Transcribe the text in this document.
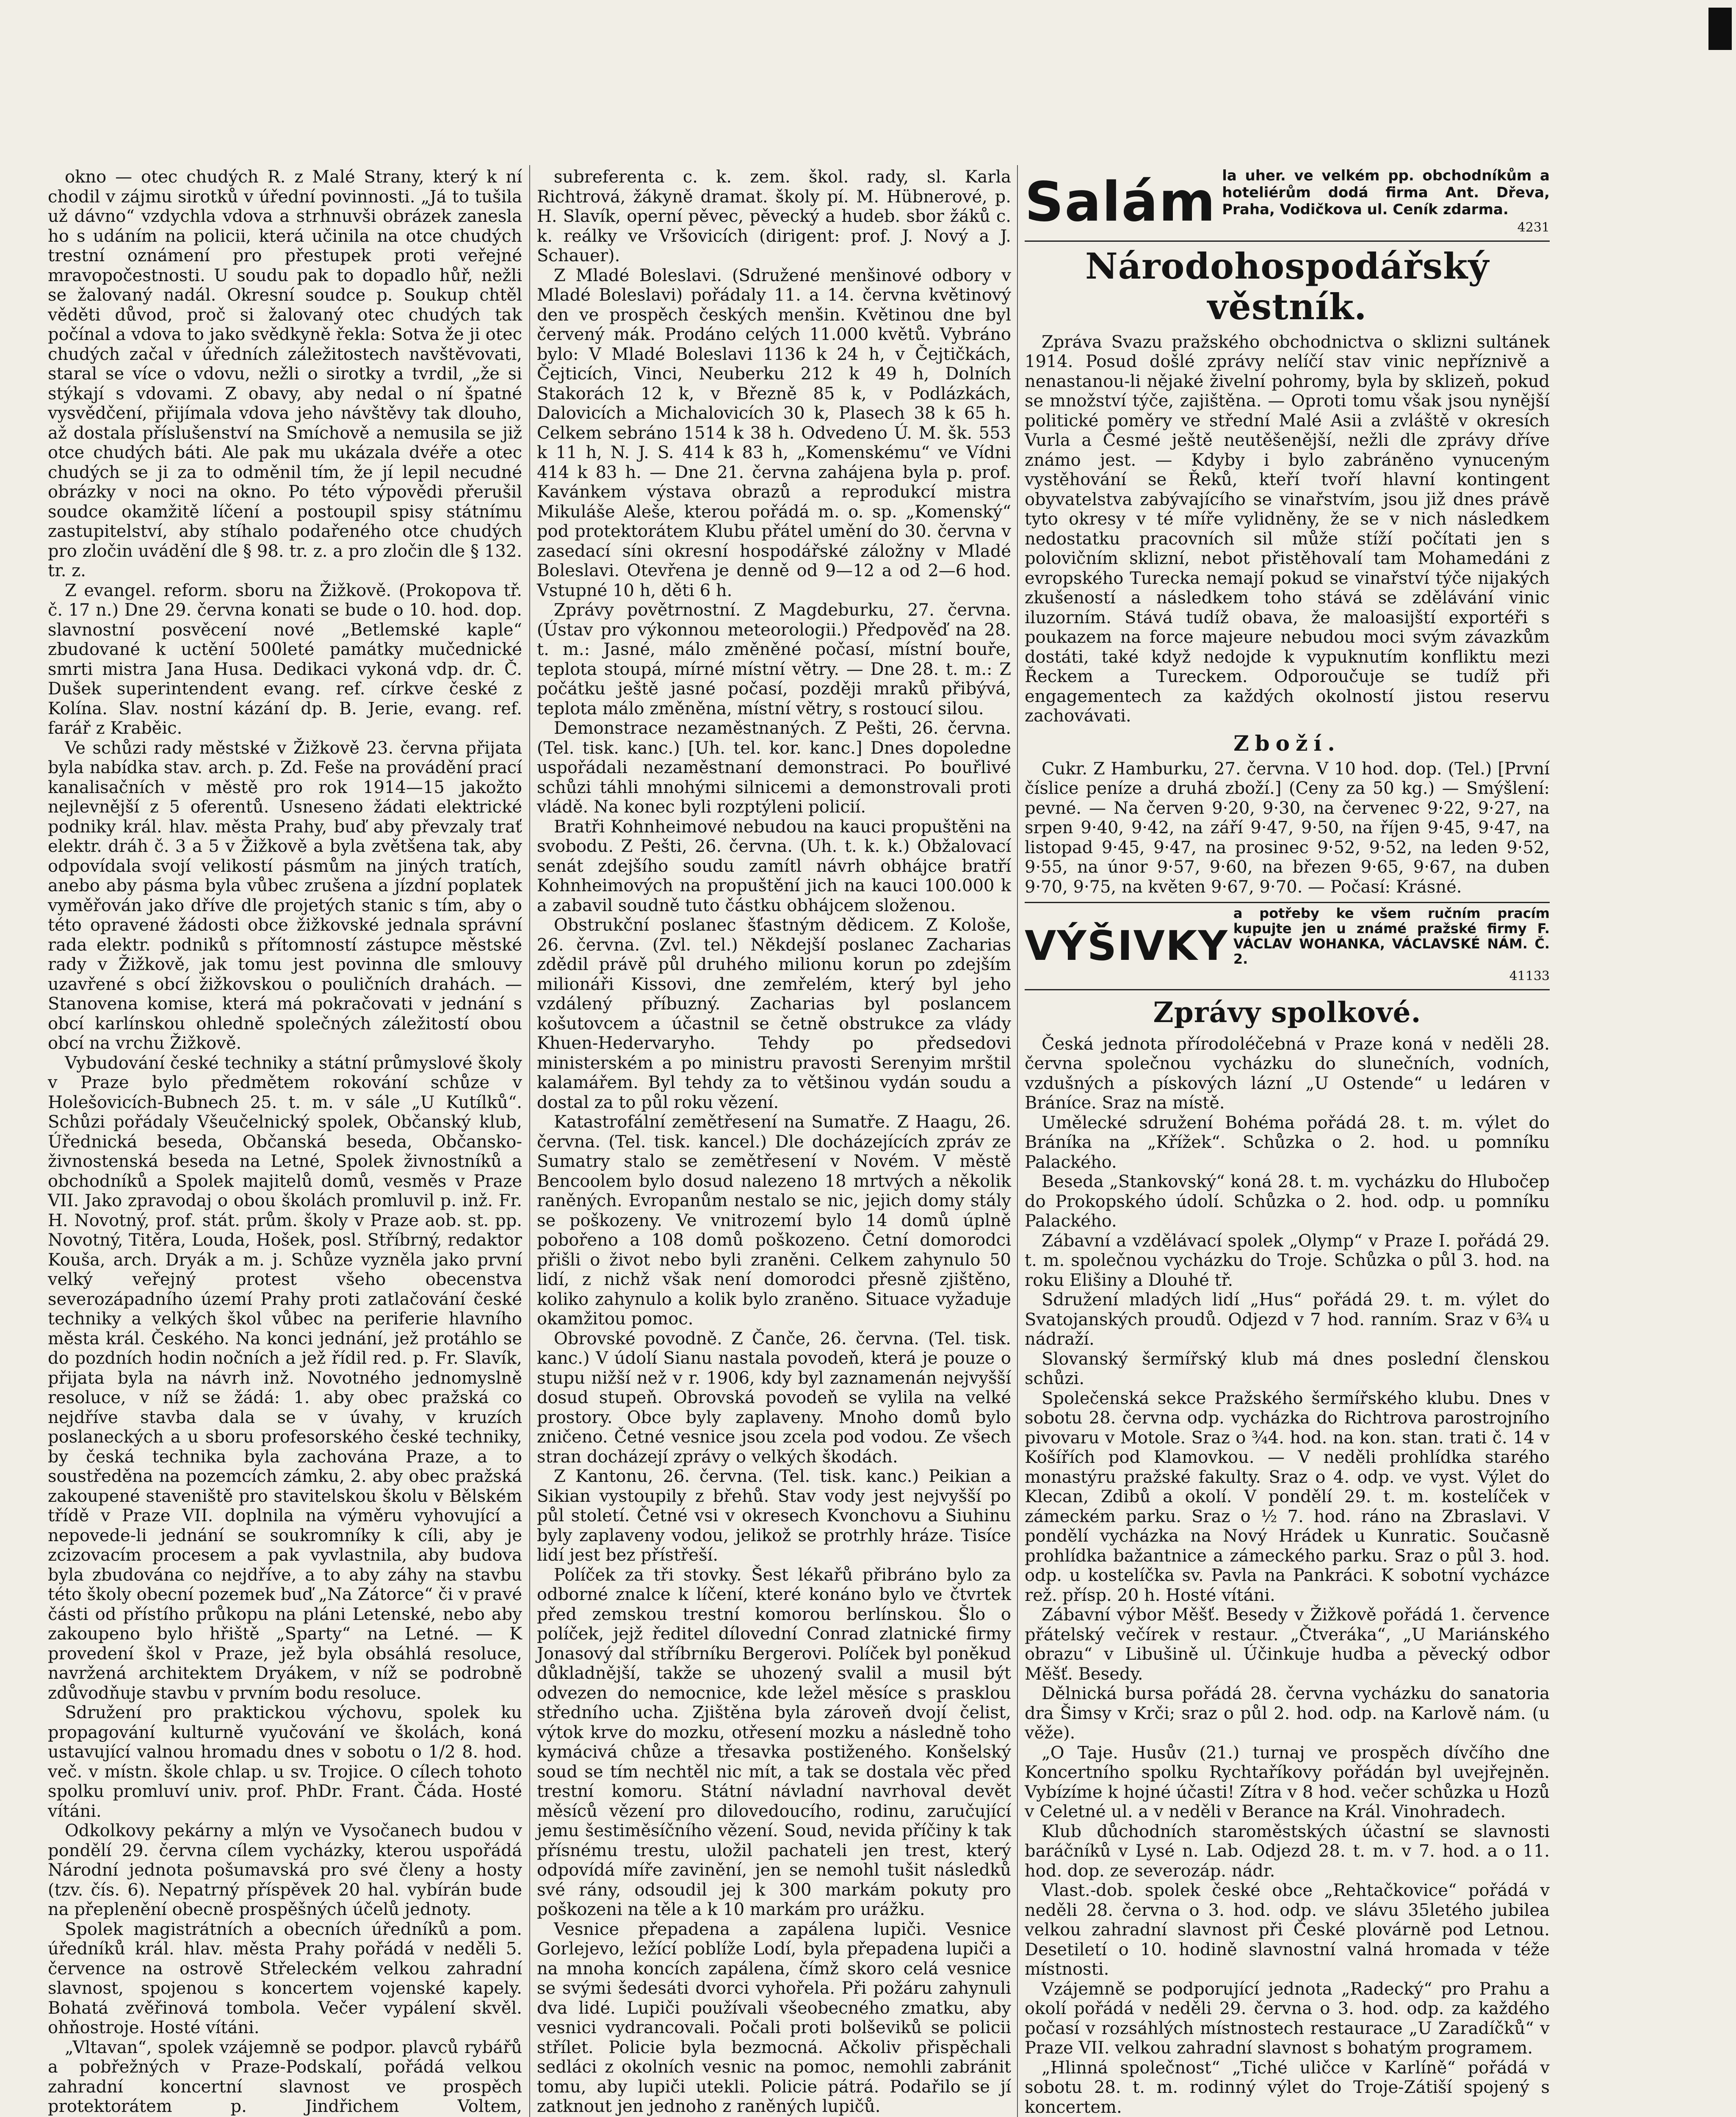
okno — otec chudých R. z Malé Strany, který k ní chodil v zájmu sirotků v úřední povinnosti. „Já to tušila už dávno“ vzdychla vdova a strhnuvši obrázek zanesla ho s udáním na policii, která učinila na otce chudých trestní oznámení pro přestupek proti veřejné mravopočestnosti. U soudu pak to dopadlo hůř, nežli se žalovaný nadál. Okresní soudce p. Soukup chtěl věděti důvod, proč si žalovaný otec chudých tak počínal a vdova to jako svědkyně řekla: Sotva že ji otec chudých začal v úředních záležitostech navštěvovati, staral se více o vdovu, nežli o sirotky a tvrdil, „že si stýkají s vdovami. Z obavy, aby nedal o ní špatné vysvědčení, přijímala vdova jeho návštěvy tak dlouho, až dostala příslušenství na Smíchově a nemusila se již otce chudých báti. Ale pak mu ukázala dvéře a otec chudých se ji za to odměnil tím, že jí lepil necudné obrázky v noci na okno. Po této výpovědi přerušil soudce okamžitě líčení a postoupil spisy státnímu zastupitelství, aby stíhalo podařeného otce chudých pro zločin uvádění dle § 98. tr. z. a pro zločin dle § 132. tr. z.

Z evangel. reform. sboru na Žižkově. (Prokopova tř. č. 17 n.) Dne 29. června konati se bude o 10. hod. dop. slavnostní posvěcení nové „Betlemské kaple“ zbudované k uctění 500leté památky mučednické smrti mistra Jana Husa. Dedikaci vykoná vdp. dr. Č. Dušek superintendent evang. ref. církve české z Kolína. Slav. nostní kázání dp. B. Jerie, evang. ref. farář z Kraběic.

Ve schůzi rady městské v Žižkově 23. června přijata byla nabídka stav. arch. p. Zd. Feše na provádění prací kanalisačních v městě pro rok 1914—15 jakožto nejlevnější z 5 oferentů. Usneseno žádati elektrické podniky král. hlav. města Prahy, buď aby převzaly trať elektr. dráh č. 3 a 5 v Žižkově a byla zvětšena tak, aby odpovídala svojí velikostí pásmům na jiných tratích, anebo aby pásma byla vůbec zrušena a jízdní poplatek vyměřován jako dříve dle projetých stanic s tím, aby o této opravené žádosti obce žižkovské jednala správní rada elektr. podniků s přítomností zástupce městské rady v Žižkově, jak tomu jest povinna dle smlouvy uzavřené s obcí žižkovskou o pouličních drahách. — Stanovena komise, která má pokračovati v jednání s obcí karlínskou ohledně společných záležitostí obou obcí na vrchu Žižkově.

Vybudování české techniky a státní průmyslové školy v Praze bylo předmětem rokování schůze v Holešovicích-Bubnech 25. t. m. v sále „U Kutílků“. Schůzi pořádaly Všeučelnický spolek, Občanský klub, Úřednická beseda, Občanská beseda, Občansko-živnostenská beseda na Letné, Spolek živnostníků a obchodníků a Spolek majitelů domů, vesměs v Praze VII. Jako zpravodaj o obou školách promluvil p. inž. Fr. H. Novotný, prof. stát. prům. školy v Praze aob. st. pp. Novotný, Titěra, Louda, Hošek, posl. Stříbrný, redaktor Kouša, arch. Dryák a m. j. Schůze vyzněla jako první velký veřejný protest všeho obecenstva severozápadního území Prahy proti zatlačování české techniky a velkých škol vůbec na periferie hlavního města král. Českého. Na konci jednání, jež protáhlo se do pozdních hodin nočních a jež řídil red. p. Fr. Slavík, přijata byla na návrh inž. Novotného jednomyslně resoluce, v níž se žádá: 1. aby obec pražská co nejdříve stavba dala se v úvahy, v kruzích poslaneckých a u sboru profesorského české techniky, by česká technika byla zachována Praze, a to soustředěna na pozemcích zámku, 2. aby obec pražská zakoupené staveniště pro stavitelskou školu v Bělském třídě v Praze VII. doplnila na výměru vyhovující a nepovede-li jednání se soukromníky k cíli, aby je zcizovacím procesem a pak vyvlastnila, aby budova byla zbudována co nejdříve, a to aby záhy na stavbu této školy obecní pozemek buď „Na Zátorce“ či v pravé části od přístího průkopu na pláni Letenské, nebo aby zakoupeno bylo hřiště „Sparty“ na Letné. — K provedení škol v Praze, jež byla obsáhlá resoluce, navržená architektem Dryákem, v níž se podrobně zdůvodňuje stavbu v prvním bodu resoluce.

Sdružení pro praktickou výchovu, spolek ku propagování kulturně vyučování ve školách, koná ustavující valnou hromadu dnes v sobotu o 1/2 8. hod. več. v místn. škole chlap. u sv. Trojice. O cílech tohoto spolku promluví univ. prof. PhDr. Frant. Čáda. Hosté vítáni.

Odkolkovy pekárny a mlýn ve Vysočanech budou v pondělí 29. června cílem vycházky, kterou uspořádá Národní jednota pošumavská pro své členy a hosty (tzv. čís. 6). Nepatrný příspěvek 20 hal. vybírán bude na přeplenění obecně prospěšných účelů jednoty.

Spolek magistrátních a obecních úředníků a pom. úředníků král. hlav. města Prahy pořádá v neděli 5. července na ostrově Střeleckém velkou zahradní slavnost, spojenou s koncertem vojenské kapely. Bohatá zvěřinová tombola. Večer vypálení skvěl. ohňostroje. Hosté vítáni.

„Vltavan“, spolek vzájemně se podpor. plavců rybářů a pobřežných v Praze-Podskalí, pořádá velkou zahradní koncertní slavnost ve prospěch protektorátem p. Jindřichem Voltem,

subreferenta c. k. zem. škol. rady, sl. Karla Richtrová, žákyně dramat. školy pí. M. Hübnerové, p. H. Slavík, operní pěvec, pěvecký a hudeb. sbor žáků c. k. reálky ve Vršovicích (dirigent: prof. J. Nový a J. Schauer).

Z Mladé Boleslavi. (Sdružené menšinové odbory v Mladé Boleslavi) pořádaly 11. a 14. června květinový den ve prospěch českých menšin. Květinou dne byl červený mák. Prodáno celých 11.000 květů. Vybráno bylo: V Mladé Boleslavi 1136 k 24 h, v Čejtičkách, Čejticích, Vinci, Neuberku 212 k 49 h, Dolních Stakorách 12 k, v Březně 85 k, v Podlázkách, Dalovicích a Michalovicích 30 k, Plasech 38 k 65 h. Celkem sebráno 1514 k 38 h. Odvedeno Ú. M. šk. 553 k 11 h, N. J. S. 414 k 83 h, „Komenskému“ ve Vídni 414 k 83 h. — Dne 21. června zahájena byla p. prof. Kavánkem výstava obrazů a reprodukcí mistra Mikuláše Aleše, kterou pořádá m. o. sp. „Komenský“ pod protektorátem Klubu přátel umění do 30. června v zasedací síni okresní hospodářské záložny v Mladé Boleslavi. Otevřena je denně od 9—12 a od 2—6 hod. Vstupné 10 h, děti 6 h.

Zprávy povětrnostní. Z Magdeburku, 27. června. (Ústav pro výkonnou meteorologii.) Předpověď na 28. t. m.: Jasné, málo změněné počasí, místní bouře, teplota stoupá, mírné místní větry. — Dne 28. t. m.: Z počátku ještě jasné počasí, později mraků přibývá, teplota málo změněna, místní větry, s rostoucí silou.

Demonstrace nezaměstnaných. Z Pešti, 26. června. (Tel. tisk. kanc.) [Uh. tel. kor. kanc.] Dnes dopoledne uspořádali nezaměstnaní demonstraci. Po bouřlivé schůzi táhli mnohými silnicemi a demonstrovali proti vládě. Na konec byli rozptýleni policií.

Bratři Kohnheimové nebudou na kauci propuštěni na svobodu. Z Pešti, 26. června. (Uh. t. k. k.) Obžalovací senát zdejšího soudu zamítl návrh obhájce bratří Kohnheimových na propuštění jich na kauci 100.000 k a zabavil soudně tuto částku obhájcem složenou.

Obstrukční poslanec šťastným dědicem. Z Kološe, 26. června. (Zvl. tel.) Někdejší poslanec Zacharias zdědil právě půl druhého milionu korun po zdejším milionáři Kissovi, dne zemřelém, který byl jeho vzdálený příbuzný. Zacharias byl poslancem košutovcem a účastnil se četně obstrukce za vlády Khuen-Hedervaryho. Tehdy po předsedovi ministerském a po ministru pravosti Serenyim mrštil kalamářem. Byl tehdy za to většinou vydán soudu a dostal za to půl roku vězení.

Katastrofální zemětřesení na Sumatře. Z Haagu, 26. června. (Tel. tisk. kancel.) Dle docházejících zpráv ze Sumatry stalo se zemětřesení v Novém. V městě Bencoolem bylo dosud nalezeno 18 mrtvých a několik raněných. Evropanům nestalo se nic, jejich domy stály se poškozeny. Ve vnitrozemí bylo 14 domů úplně pobořeno a 108 domů poškozeno. Četní domorodci přišli o život nebo byli zraněni. Celkem zahynulo 50 lidí, z nichž však není domorodci přesně zjištěno, koliko zahynulo a kolik bylo zraněno. Situace vyžaduje okamžitou pomoc.

Obrovské povodně. Z Čanče, 26. června. (Tel. tisk. kanc.) V údolí Sianu nastala povodeň, která je pouze o stupu nižší než v r. 1906, kdy byl zaznamenán nejvyšší dosud stupeň. Obrovská povodeň se vylila na velké prostory. Obce byly zaplaveny. Mnoho domů bylo zničeno. Četné vesnice jsou zcela pod vodou. Ze všech stran docházejí zprávy o velkých škodách.

Z Kantonu, 26. června. (Tel. tisk. kanc.) Peikian a Sikian vystoupily z břehů. Stav vody jest nejvyšší po půl století. Četné vsi v okresech Kvonchovu a Siuhinu byly zaplaveny vodou, jelikož se protrhly hráze. Tisíce lidí jest bez přístřeší.

Políček za tři stovky. Šest lékařů přibráno bylo za odborné znalce k líčení, které konáno bylo ve čtvrtek před zemskou trestní komorou berlínskou. Šlo o políček, jejž ředitel dílovední Conrad zlatnické firmy Jonasový dal stříbrníku Bergerovi. Políček byl poněkud důkladnější, takže se uhozený svalil a musil být odvezen do nemocnice, kde ležel měsíce s prasklou středního ucha. Zjištěna byla zároveň dvojí čelist, výtok krve do mozku, otřesení mozku a následně toho kymácivá chůze a třesavka postiženého. Konšelský soud se tím nechtěl nic mít, a tak se dostala věc před trestní komoru. Státní návladní navrhoval devět měsíců vězení pro dilovedoucího, rodinu, zaručující jemu šestiměsíčního vězení. Soud, nevida příčiny k tak přísnému trestu, uložil pachateli jen trest, který odpovídá míře zavinění, jen se nemohl tušit následků své rány, odsoudil jej k 300 markám pokuty pro poškozeni na těle a k 10 markám pro urážku.

Vesnice přepadena a zapálena lupiči. Vesnice Gorlejevo, ležící poblíže Lodí, byla přepadena lupiči a na mnoha koncích zapálena, čímž skoro celá vesnice se svými šedesáti dvorci vyhořela. Při požáru zahynuli dva lidé. Lupiči používali všeobecného zmatku, aby vesnici vydrancovali. Počali proti bolševiků se policii střílet. Policie byla bezmocná. Ačkoliv přispěchali sedláci z okolních vesnic na pomoc, nemohli zabránit tomu, aby lupiči utekli. Policie pátrá. Podařilo se jí zatknout jen jednoho z raněných lupičů.

Salám la uher. ve velkém pp. obchodníkům a hoteliérům dodá firma Ant. Dřeva, Praha, Vodičkova ul. Ceník zdarma.
4231
Národohospodářský věstník.

Zpráva Svazu pražského obchodnictva o sklizni sultánek 1914. Posud došlé zprávy nelíčí stav vinic nepříznivě a nenastanou-li nějaké živelní pohromy, byla by sklizeň, pokud se množství týče, zajištěna. — Oproti tomu však jsou nynější politické poměry ve střední Malé Asii a zvláště v okresích Vurla a Česmé ještě neutěšenější, nežli dle zprávy dříve známo jest. — Kdyby i bylo zabráněno vynuceným vystěhování se Řeků, kteří tvoří hlavní kontingent obyvatelstva zabývajícího se vinařstvím, jsou již dnes právě tyto okresy v té míře vylidněny, že se v nich následkem nedostatku pracovních sil může stíží počítati jen s polovičním sklizní, nebot přistěhovalí tam Mohamedáni z evropského Turecka nemají pokud se vinařství týče nijakých zkušeností a následkem toho stává se zdělávání vinic iluzorním. Stává tudíž obava, že maloasijští exportéři s poukazem na force majeure nebudou moci svým závazkům dostáti, také když nedojde k vypuknutím konfliktu mezi Řeckem a Tureckem. Odporoučuje se tudíž při engagementech za každých okolností jistou reservu zachovávati.

Zboží.

Cukr. Z Hamburku, 27. června. V 10 hod. dop. (Tel.) [První číslice peníze a druhá zboží.] (Ceny za 50 kg.) — Smýšlení: pevné. — Na červen 9·20, 9·30, na červenec 9·22, 9·27, na srpen 9·40, 9·42, na září 9·47, 9·50, na říjen 9·45, 9·47, na listopad 9·45, 9·47, na prosinec 9·52, 9·52, na leden 9·52, 9·55, na únor 9·57, 9·60, na březen 9·65, 9·67, na duben 9·70, 9·75, na květen 9·67, 9·70. — Počasí: Krásné.

VÝŠIVKY
a potřeby ke všem ručním pracím kupujte jen u známé pražské firmy F. VÁCLAV WOHANKA, VÁCLAVSKÉ NÁM. Č. 2.
41133
Zprávy spolkové.

Česká jednota přírodoléčebná v Praze koná v neděli 28. června společnou vycházku do slunečních, vodních, vzdušných a pískových lázní „U Ostende“ u ledáren v Bráníce. Sraz na místě.

Umělecké sdružení Bohéma pořádá 28. t. m. výlet do Bráníka na „Křížek“. Schůzka o 2. hod. u pomníku Palackého.

Beseda „Stankovský“ koná 28. t. m. vycházku do Hlubočep do Prokopského údolí. Schůzka o 2. hod. odp. u pomníku Palackého.

Zábavní a vzdělávací spolek „Olymp“ v Praze I. pořádá 29. t. m. společnou vycházku do Troje. Schůzka o půl 3. hod. na roku Elišiny a Dlouhé tř.

Sdružení mladých lidí „Hus“ pořádá 29. t. m. výlet do Svatojanských proudů. Odjezd v 7 hod. ranním. Sraz v 6¾ u nádraží.

Slovanský šermířský klub má dnes poslední členskou schůzi.

Společenská sekce Pražského šermířského klubu. Dnes v sobotu 28. června odp. vycházka do Richtrova parostrojního pivovaru v Motole. Sraz o ¾4. hod. na kon. stan. trati č. 14 v Košířích pod Klamovkou. — V neděli prohlídka starého monastýru pražské fakulty. Sraz o 4. odp. ve vyst. Výlet do Klecan, Zdibů a okolí. V pondělí 29. t. m. kostelíček v zámeckém parku. Sraz o ½ 7. hod. ráno na Zbraslavi. V pondělí vycházka na Nový Hrádek u Kunratic. Současně prohlídka bažantnice a zámeckého parku. Sraz o půl 3. hod. odp. u kostelíčka sv. Pavla na Pankráci. K sobotní vycházce rež. přísp. 20 h. Hosté vítáni.

Zábavní výbor Měšť. Besedy v Žižkově pořádá 1. července přátelský večírek v restaur. „Čtveráka“, „U Mariánského obrazu“ v Libušině ul. Účinkuje hudba a pěvecký odbor Měšť. Besedy.

Dělnická bursa pořádá 28. června vycházku do sanatoria dra Šimsy v Krči; sraz o půl 2. hod. odp. na Karlově nám. (u věže).

„O Taje. Husův (21.) turnaj ve prospěch dívčího dne Koncertního spolku Rychtaříkovy pořádán byl uvejřejněn. Vybízíme k hojné účasti! Zítra v 8 hod. večer schůzka u Hozů v Celetné ul. a v neděli v Berance na Král. Vinohradech.

Klub důchodních staroměstských účastní se slavnosti baráčníků v Lysé n. Lab. Odjezd 28. t. m. v 7. hod. a o 11. hod. dop. ze severozáp. nádr.

Vlast.-dob. spolek české obce „Rehtačkovice“ pořádá v neděli 28. června o 3. hod. odp. ve slávu 35letého jubilea velkou zahradní slavnost při České plovárně pod Letnou. Desetiletí o 10. hodině slavnostní valná hromada v téže místnosti.

Vzájemně se podporující jednota „Radecký“ pro Prahu a okolí pořádá v neděli 29. června o 3. hod. odp. za každého počasí v rozsáhlých místnostech restaurace „U Zaradíčků“ v Praze VII. velkou zahradní slavnost s bohatým programem.

„Hlinná společnost“ „Tiché uličce v Karlíně“ pořádá v sobotu 28. t. m. rodinný výlet do Troje-Zátiší spojený s koncertem.
